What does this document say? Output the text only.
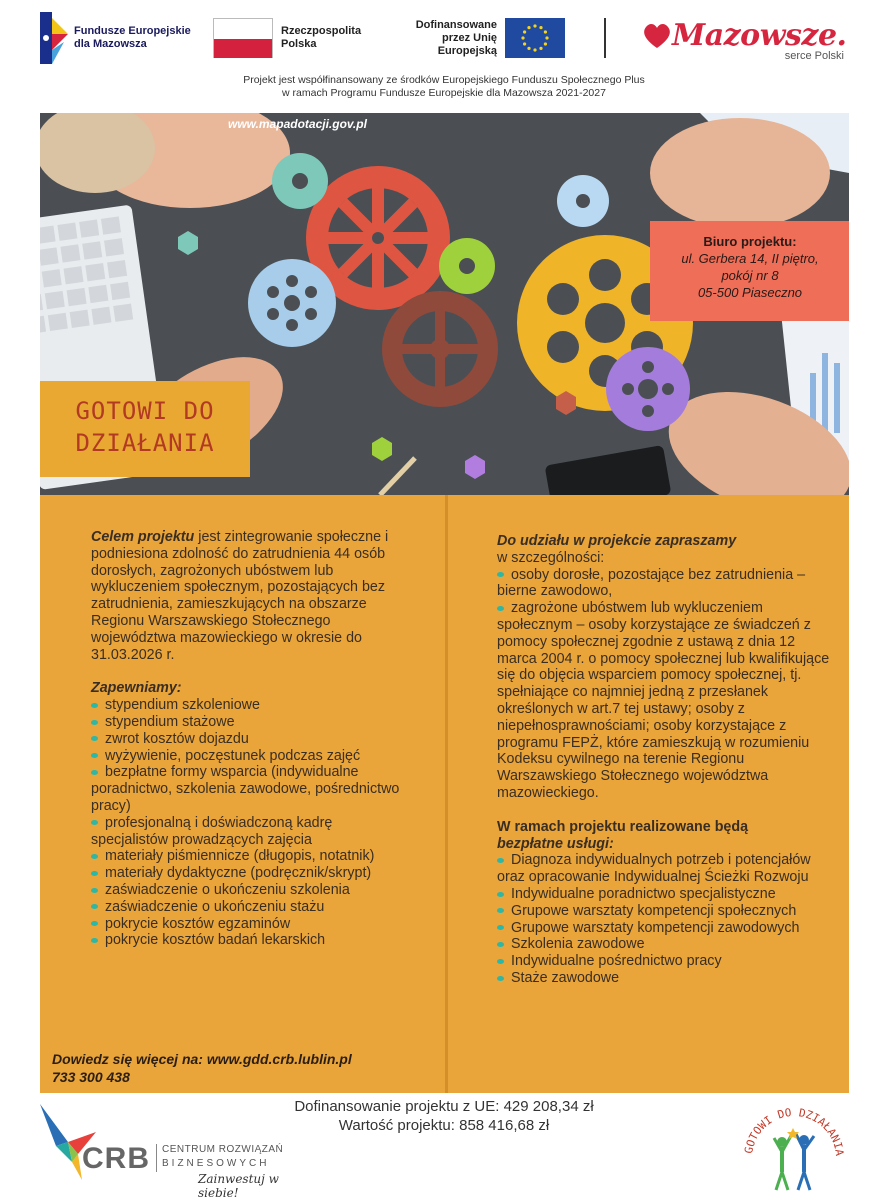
Fundusze Europejskie dla Mazowsza
Rzeczpospolita Polska
Dofinansowane przez Unię Europejską	Mazowsze.
serce Polski
Projekt jest współfinansowany ze środków Europejskiego Funduszu Społecznego Plus
w ramach Programu Fundusze Europejskie dla Mazowsza 2021-2027
www.mapadotacji.gov.pl
Biuro projektu:
ul. Gerbera 14, II piętro,
pokój nr 8
05-500 Piaseczno
GOTOWI DO
DZIAŁANIA

Celem projektu jest zintegrowanie społeczne i podniesiona zdolność do zatrudnienia 44 osób dorosłych, zagrożonych ubóstwem lub wykluczeniem społecznym, pozostających bez zatrudnienia, zamieszkujących na obszarze Regionu Warszawskiego Stołecznego województwa mazowieckiego w okresie do 31.03.2026 r.

Zapewniamy:

stypendium szkoleniowe
stypendium stażowe
zwrot kosztów dojazdu
wyżywienie, poczęstunek podczas zajęć
bezpłatne formy wsparcia (indywidualne poradnictwo, szkolenia zawodowe, pośrednictwo pracy)
profesjonalną i doświadczoną kadrę specjalistów prowadzących zajęcia
materiały piśmiennicze (długopis, notatnik)
materiały dydaktyczne (podręcznik/skrypt)
zaświadczenie o ukończeniu szkolenia
zaświadczenie o ukończeniu stażu
pokrycie kosztów egzaminów
pokrycie kosztów badań lekarskich
Dowiedz się więcej na: www.gdd.crb.lublin.pl
733 300 438

Do udziału w projekcie zapraszamy

w szczególności:

osoby dorosłe, pozostające bez zatrudnienia – bierne zawodowo,
zagrożone ubóstwem lub wykluczeniem społecznym – osoby korzystające ze świadczeń z pomocy społecznej zgodnie z ustawą z dnia 12 marca 2004 r. o pomocy społecznej lub kwalifikujące się do objęcia wsparciem pomocy społecznej, tj. spełniające co najmniej jedną z przesłanek określonych w art.7 tej ustawy; osoby z niepełnosprawnościami; osoby korzystające z programu FEPŻ, które zamieszkują w rozumieniu Kodeksu cywilnego na terenie Regionu Warszawskiego Stołecznego województwa mazowieckiego.

W ramach projektu realizowane będą

bezpłatne usługi:

Diagnoza indywidualnych potrzeb i potencjałów oraz opracowanie Indywidualnej Ścieżki Rozwoju
Indywidualne poradnictwo specjalistyczne
Grupowe warsztaty kompetencji społecznych
Grupowe warsztaty kompetencji zawodowych
Szkolenia zawodowe
Indywidualne pośrednictwo pracy
Staże zawodowe
Dofinansowanie projektu z UE: 429 208,34 zł
Wartość projektu: 858 416,68 zł
CRB CENTRUM ROZWIĄZAŃ
BIZNESOWYCH
Zainwestuj w siebie!
GOTOWI DO DZIAŁANIA
